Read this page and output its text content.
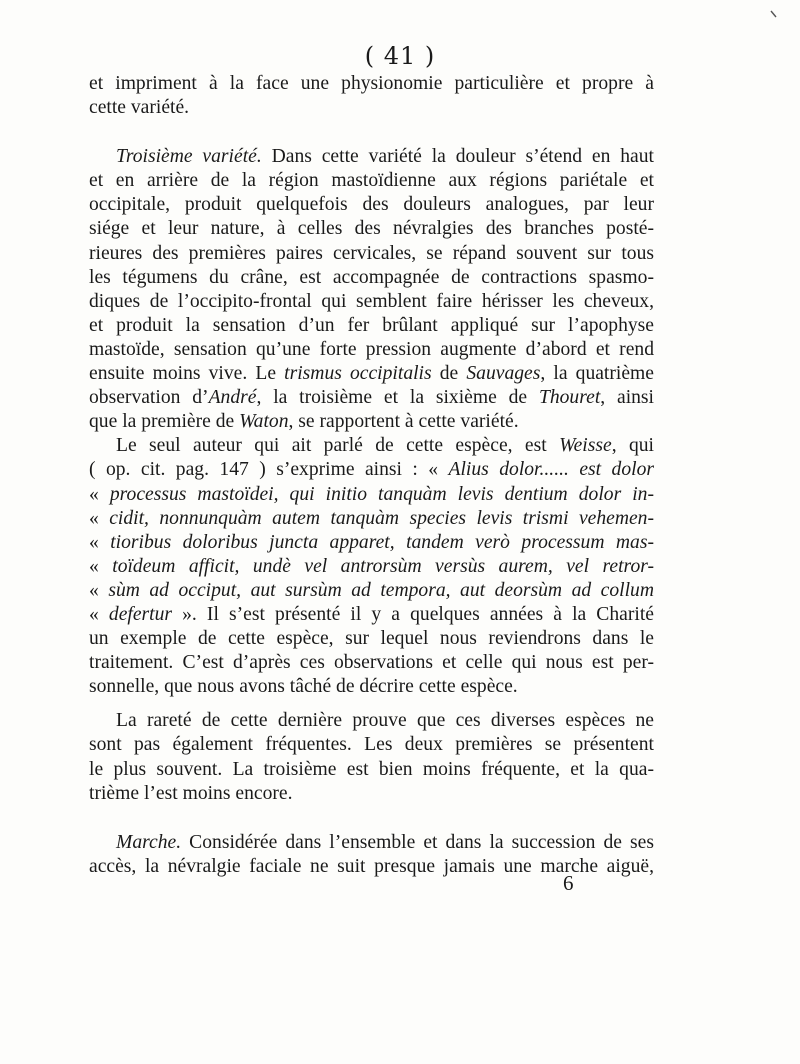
( 41 )
et impriment à la face une physionomie particulière et propre à
cette variété.
Troisième variété. Dans cette variété la douleur s’étend en haut
et en arrière de la région mastoïdienne aux régions pariétale et
occipitale, produit quelquefois des douleurs analogues, par leur
siége et leur nature, à celles des névralgies des branches posté-
rieures des premières paires cervicales, se répand souvent sur tous
les tégumens du crâne, est accompagnée de contractions spasmo-
diques de l’occipito-frontal qui semblent faire hérisser les cheveux,
et produit la sensation d’un fer brûlant appliqué sur l’apophyse
mastoïde, sensation qu’une forte pression augmente d’abord et rend
ensuite moins vive. Le trismus occipitalis de Sauvages, la quatrième
observation d’André, la troisième et la sixième de Thouret, ainsi
que la première de Waton, se rapportent à cette variété.
Le seul auteur qui ait parlé de cette espèce, est Weisse, qui
( op. cit. pag. 147 ) s’exprime ainsi : « Alius dolor...... est dolor
« processus mastoïdei, qui initio tanquàm levis dentium dolor in-
« cidit, nonnunquàm autem tanquàm species levis trismi vehemen-
« tioribus doloribus juncta apparet, tandem verò processum mas-
« toïdeum afficit, undè vel antrorsùm versùs aurem, vel retror-
« sùm ad occiput, aut sursùm ad tempora, aut deorsùm ad collum
« defertur ». Il s’est présenté il y a quelques années à la Charité
un exemple de cette espèce, sur lequel nous reviendrons dans le
traitement. C’est d’après ces observations et celle qui nous est per-
sonnelle, que nous avons tâché de décrire cette espèce.
La rareté de cette dernière prouve que ces diverses espèces ne
sont pas également fréquentes. Les deux premières se présentent
le plus souvent. La troisième est bien moins fréquente, et la qua-
trième l’est moins encore.
Marche. Considérée dans l’ensemble et dans la succession de ses
accès, la névralgie faciale ne suit presque jamais une marche aiguë,
6
